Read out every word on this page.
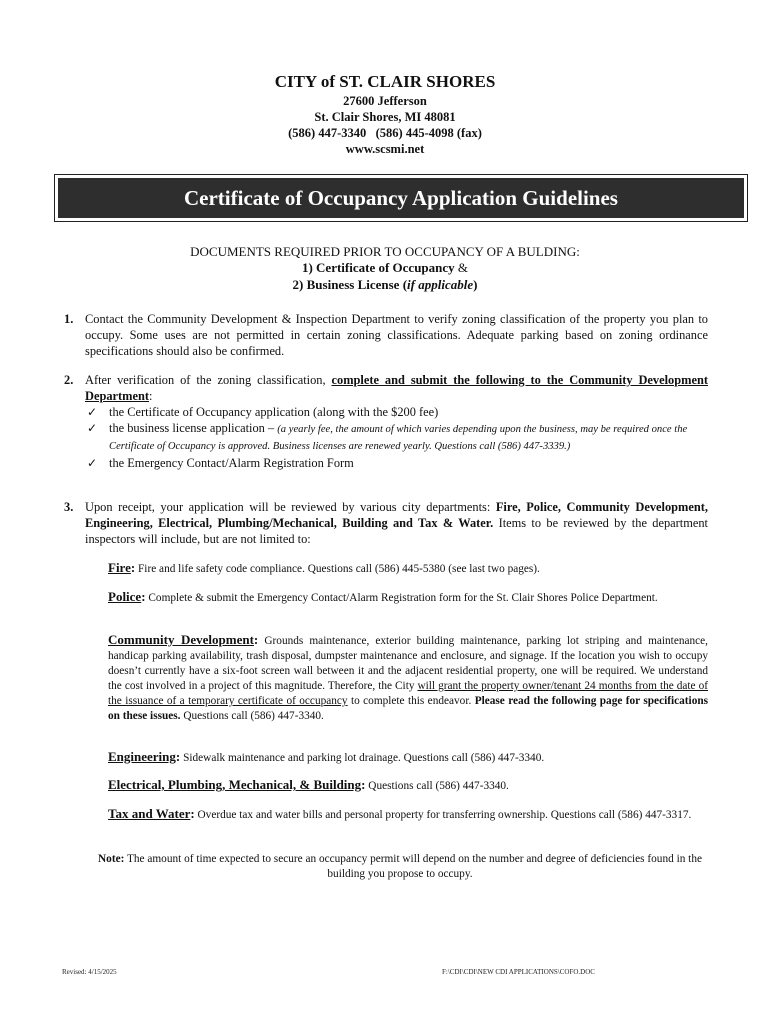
CITY of ST. CLAIR SHORES
27600 Jefferson
St. Clair Shores, MI 48081
(586) 447-3340   (586) 445-4098 (fax)
www.scsmi.net
Certificate of Occupancy Application Guidelines
DOCUMENTS REQUIRED PRIOR TO OCCUPANCY OF A BULDING:
1) Certificate of Occupancy &
2) Business License (if applicable)
1. Contact the Community Development & Inspection Department to verify zoning classification of the property you plan to occupy. Some uses are not permitted in certain zoning classifications. Adequate parking based on zoning ordinance specifications should also be confirmed.
2. After verification of the zoning classification, complete and submit the following to the Community Development Department:
✓ the Certificate of Occupancy application (along with the $200 fee)
✓ the business license application – (a yearly fee, the amount of which varies depending upon the business, may be required once the Certificate of Occupancy is approved. Business licenses are renewed yearly. Questions call (586) 447-3339.)
✓ the Emergency Contact/Alarm Registration Form
3. Upon receipt, your application will be reviewed by various city departments: Fire, Police, Community Development, Engineering, Electrical, Plumbing/Mechanical, Building and Tax & Water. Items to be reviewed by the department inspectors will include, but are not limited to:
Fire: Fire and life safety code compliance. Questions call (586) 445-5380 (see last two pages).
Police: Complete & submit the Emergency Contact/Alarm Registration form for the St. Clair Shores Police Department.
Community Development: Grounds maintenance, exterior building maintenance, parking lot striping and maintenance, handicap parking availability, trash disposal, dumpster maintenance and enclosure, and signage. If the location you wish to occupy doesn’t currently have a six-foot screen wall between it and the adjacent residential property, one will be required. We understand the cost involved in a project of this magnitude. Therefore, the City will grant the property owner/tenant 24 months from the date of the issuance of a temporary certificate of occupancy to complete this endeavor. Please read the following page for specifications on these issues. Questions call (586) 447-3340.
Engineering: Sidewalk maintenance and parking lot drainage. Questions call (586) 447-3340.
Electrical, Plumbing, Mechanical, & Building: Questions call (586) 447-3340.
Tax and Water: Overdue tax and water bills and personal property for transferring ownership. Questions call (586) 447-3317.
Note: The amount of time expected to secure an occupancy permit will depend on the number and degree of deficiencies found in the building you propose to occupy.
Revised: 4/15/2025	F:\CDI\CDI\NEW CDI APPLICATIONS\COFO.DOC
